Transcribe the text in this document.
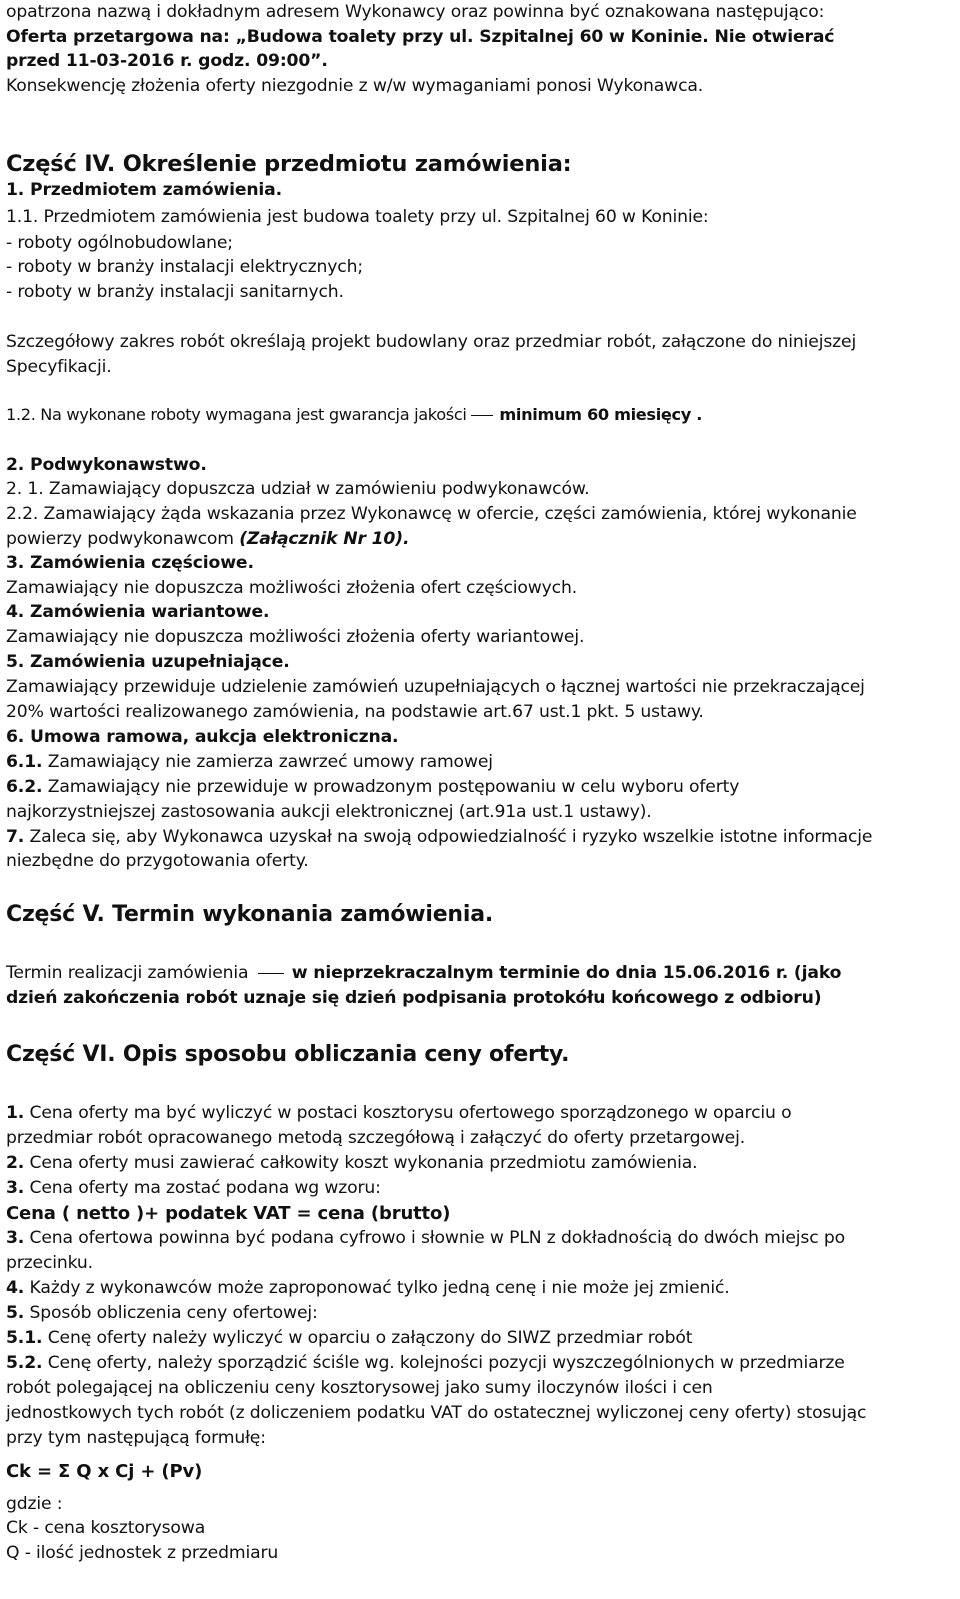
opatrzona nazwą i dokładnym adresem Wykonawcy oraz powinna być oznakowana następująco:
Oferta przetargowa na: „Budowa toalety przy ul. Szpitalnej 60 w Koninie. Nie otwierać
przed 11-03-2016 r. godz. 09:00”.
Konsekwencję złożenia oferty niezgodnie z w/w wymaganiami ponosi Wykonawca.
Część IV. Określenie przedmiotu zamówienia:
1. Przedmiotem zamówienia.
1.1. Przedmiotem zamówienia jest budowa toalety przy ul. Szpitalnej 60 w Koninie:
- roboty ogólnobudowlane;
- roboty w branży instalacji elektrycznych;
- roboty w branży instalacji sanitarnych.
Szczegółowy zakres robót określają projekt budowlany oraz przedmiar robót, załączone do niniejszej
Specyfikacji.
1.2. Na wykonane roboty wymagana jest gwarancja jakości minimum 60 miesięcy .
2. Podwykonawstwo.
2. 1. Zamawiający dopuszcza udział w zamówieniu podwykonawców.
2.2. Zamawiający żąda wskazania przez Wykonawcę w ofercie, części zamówienia, której wykonanie
powierzy podwykonawcom (Załącznik Nr 10).
3. Zamówienia częściowe.
Zamawiający nie dopuszcza możliwości złożenia ofert częściowych.
4. Zamówienia wariantowe.
Zamawiający nie dopuszcza możliwości złożenia oferty wariantowej.
5. Zamówienia uzupełniające.
Zamawiający przewiduje udzielenie zamówień uzupełniających o łącznej wartości nie przekraczającej
20% wartości realizowanego zamówienia, na podstawie art.67 ust.1 pkt. 5 ustawy.
6. Umowa ramowa, aukcja elektroniczna.
6.1. Zamawiający nie zamierza zawrzeć umowy ramowej
6.2. Zamawiający nie przewiduje w prowadzonym postępowaniu w celu wyboru oferty
najkorzystniejszej zastosowania aukcji elektronicznej (art.91a ust.1 ustawy).
7. Zaleca się, aby Wykonawca uzyskał na swoją odpowiedzialność i ryzyko wszelkie istotne informacje
niezbędne do przygotowania oferty.
Część V. Termin wykonania zamówienia.
Termin realizacji zamówienia w nieprzekraczalnym terminie do dnia 15.06.2016 r. (jako
dzień zakończenia robót uznaje się dzień podpisania protokółu końcowego z odbioru)
Część VI. Opis sposobu obliczania ceny oferty.
1. Cena oferty ma być wyliczyć w postaci kosztorysu ofertowego sporządzonego w oparciu o
przedmiar robót opracowanego metodą szczegółową i załączyć do oferty przetargowej.
2. Cena oferty musi zawierać całkowity koszt wykonania przedmiotu zamówienia.
3. Cena oferty ma zostać podana wg wzoru:
Cena ( netto )+ podatek VAT = cena (brutto)
3. Cena ofertowa powinna być podana cyfrowo i słownie w PLN z dokładnością do dwóch miejsc po
przecinku.
4. Każdy z wykonawców może zaproponować tylko jedną cenę i nie może jej zmienić.
5. Sposób obliczenia ceny ofertowej:
5.1. Cenę oferty należy wyliczyć w oparciu o załączony do SIWZ przedmiar robót
5.2. Cenę oferty, należy sporządzić ściśle wg. kolejności pozycji wyszczególnionych w przedmiarze
robót polegającej na obliczeniu ceny kosztorysowej jako sumy iloczynów ilości i cen
jednostkowych tych robót (z doliczeniem podatku VAT do ostatecznej wyliczonej ceny oferty) stosując
przy tym następującą formułę:
Ck = Σ Q x Cj + (Pv)
gdzie :
Ck - cena kosztorysowa
Q - ilość jednostek z przedmiaru
